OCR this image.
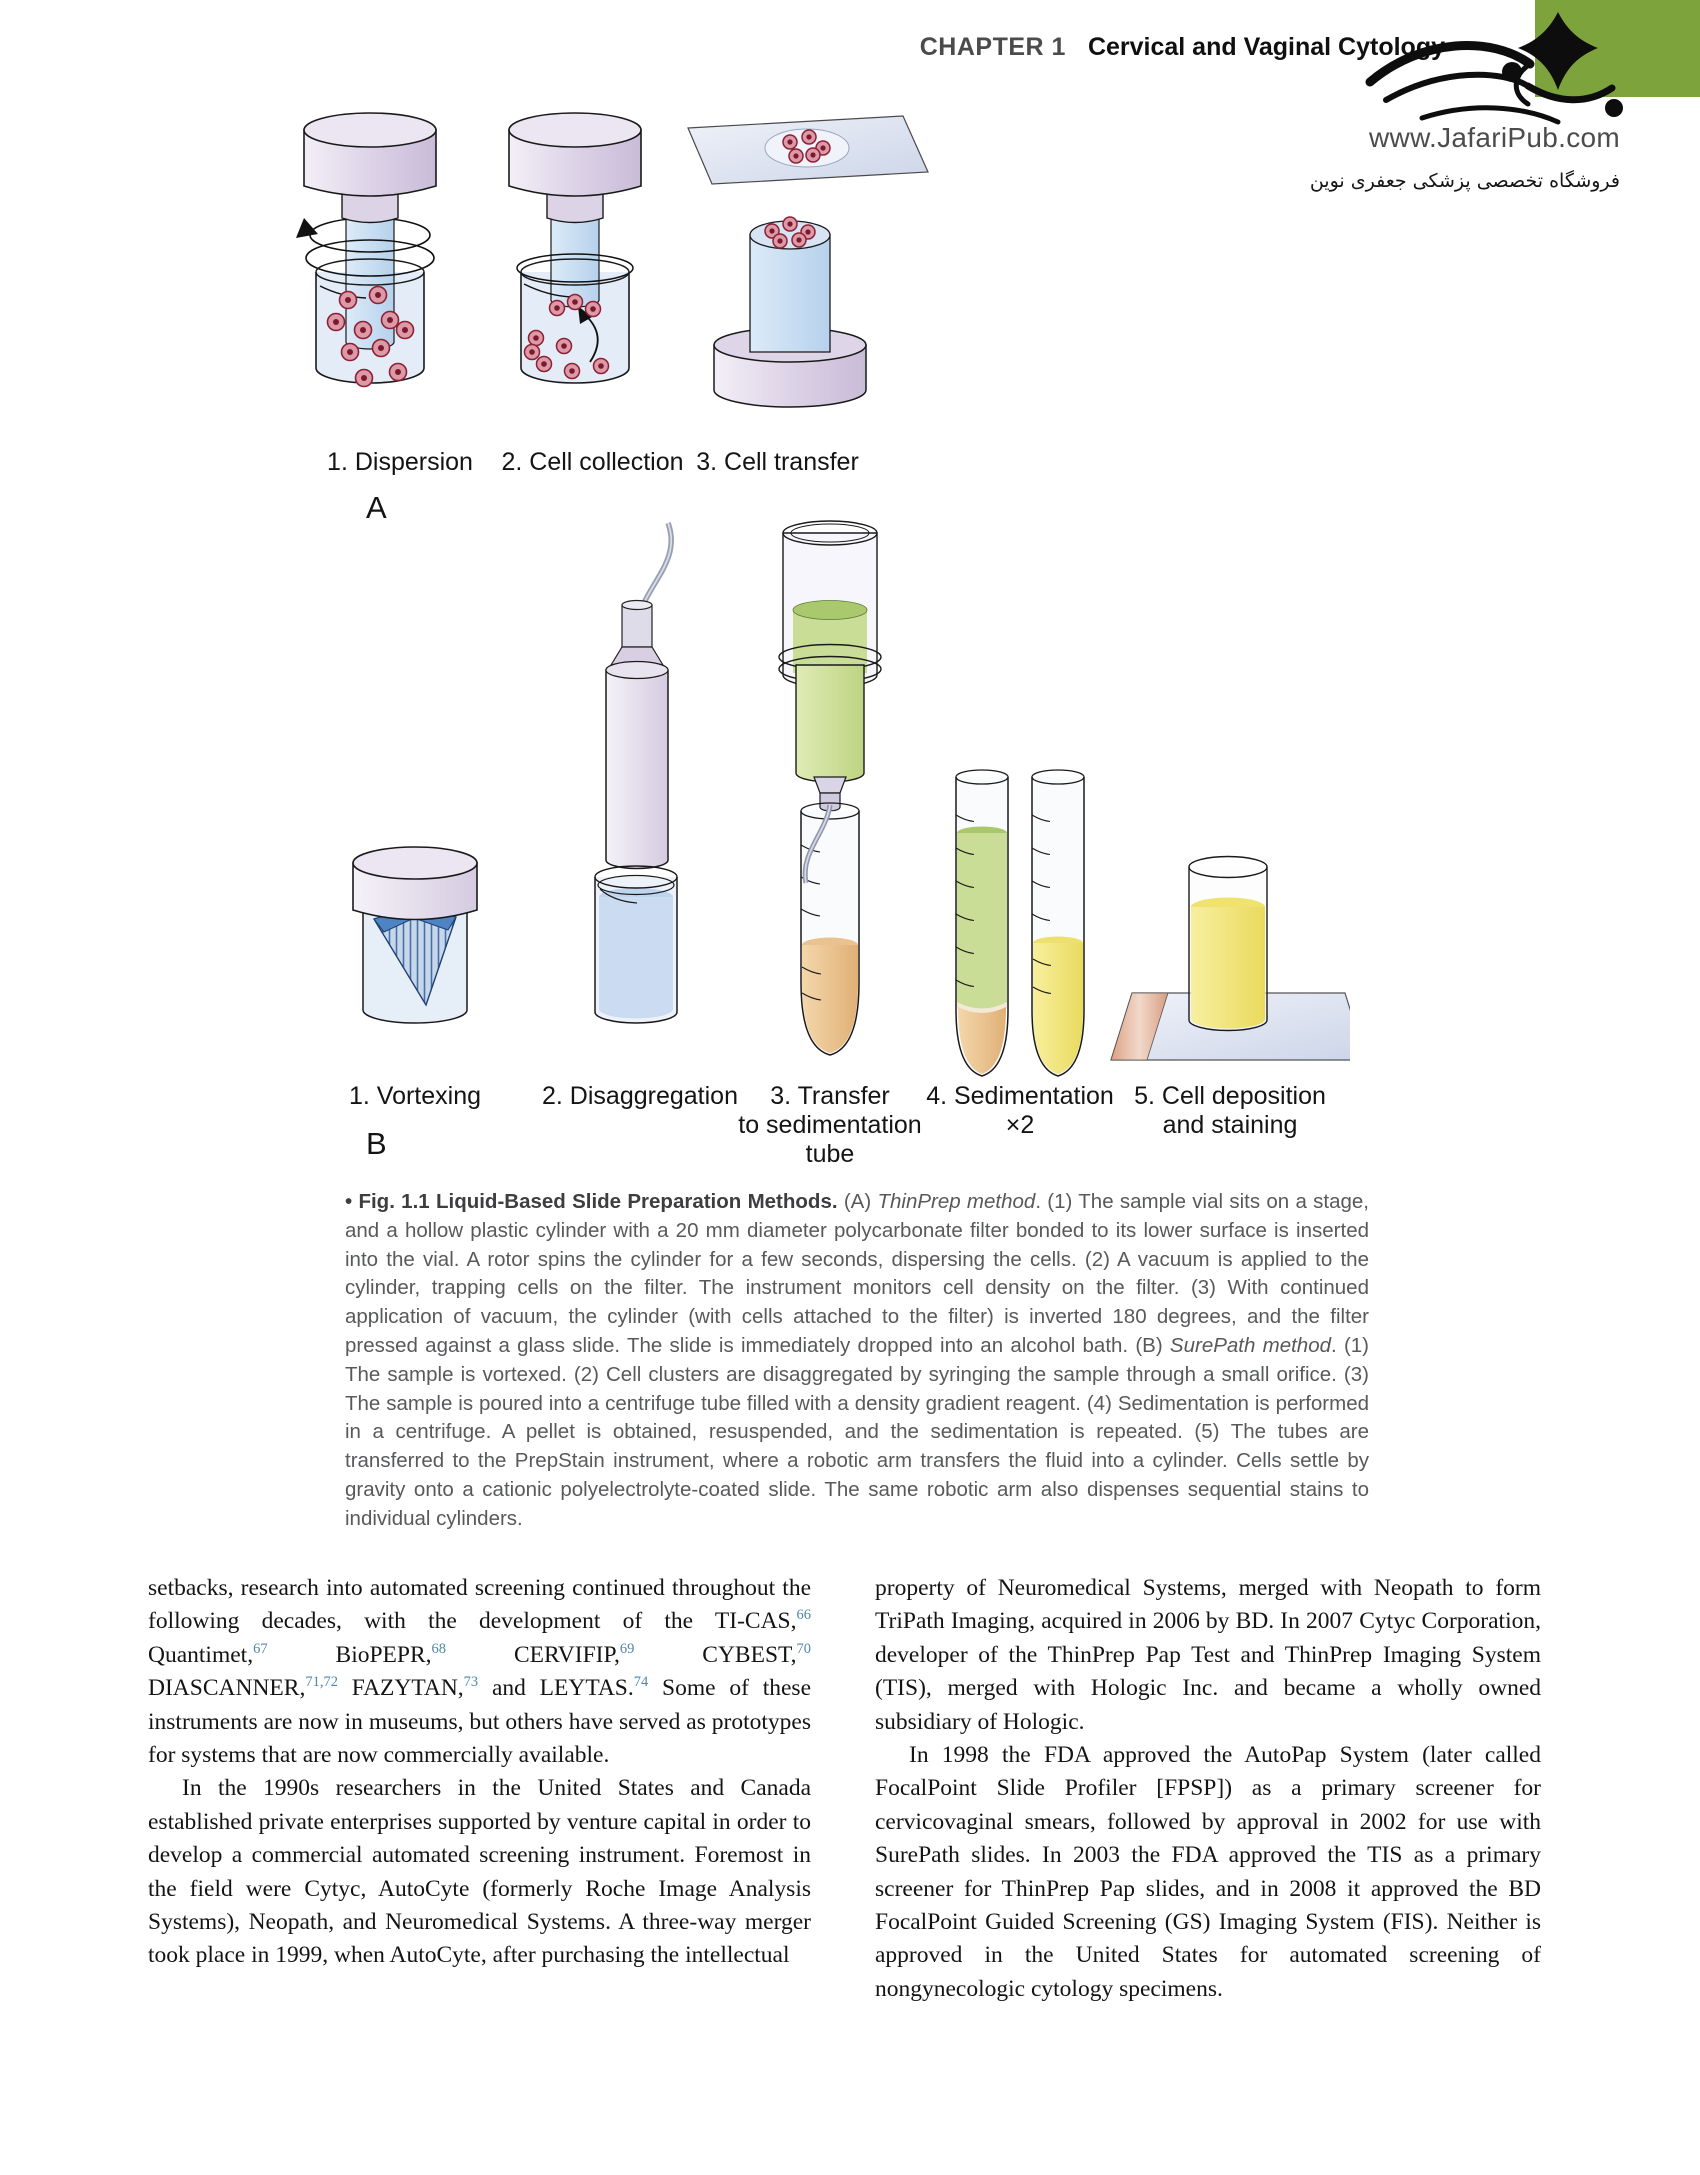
CHAPTER 1 Cervical and Vaginal Cytology
www.JafariPub.com
فروشگاه تخصصی پزشکی جعفری نوین
1. Dispersion	2. Cell collection 3. Cell transfer
A
1. Vortexing	2. Disaggregation	3. Transfer
to sedimentation
tube
4. Sedimentation
×2
5. Cell deposition
and staining
B
• Fig. 1.1 Liquid-Based Slide Preparation Methods. (A) ThinPrep method. (1) The sample vial sits on a stage, and a hollow plastic cylinder with a 20 mm diameter polycarbonate filter bonded to its lower surface is inserted into the vial. A rotor spins the cylinder for a few seconds, dispersing the cells. (2) A vacuum is applied to the cylinder, trapping cells on the filter. The instrument monitors cell density on the filter. (3) With continued application of vacuum, the cylinder (with cells attached to the filter) is inverted 180 degrees, and the filter pressed against a glass slide. The slide is immediately dropped into an alcohol bath. (B) SurePath method. (1) The sample is vortexed. (2) Cell clusters are disaggregated by syringing the sample through a small orifice. (3) The sample is poured into a centrifuge tube filled with a density gradient reagent. (4) Sedimentation is performed in a centrifuge. A pellet is obtained, resuspended, and the sedimentation is repeated. (5) The tubes are transferred to the PrepStain instrument, where a robotic arm transfers the fluid into a cylinder. Cells settle by gravity onto a cationic polyelectrolyte-coated slide. The same robotic arm also dispenses sequential stains to individual cylinders.

setbacks, research into automated screening continued throughout the following decades, with the development of the TI-CAS,$^{66}$ Quantimet,$^{67}$ BioPEPR,$^{68}$ CERVIFIP,$^{69}$ CYBEST,$^{70}$ DIASCANNER,$^{71,72}$ FAZYTAN,$^{73}$ and LEYTAS.$^{74}$ Some of these instruments are now in museums, but others have served as prototypes for systems that are now commercially available.

In the 1990s researchers in the United States and Canada established private enterprises supported by venture capital in order to develop a commercial automated screening instrument. Foremost in the field were Cytyc, AutoCyte (formerly Roche Image Analysis Systems), Neopath, and Neuromedical Systems. A three-way merger took place in 1999, when AutoCyte, after purchasing the intellectual

property of Neuromedical Systems, merged with Neopath to form TriPath Imaging, acquired in 2006 by BD. In 2007 Cytyc Corporation, developer of the ThinPrep Pap Test and ThinPrep Imaging System (TIS), merged with Hologic Inc. and became a wholly owned subsidiary of Hologic.

In 1998 the FDA approved the AutoPap System (later called FocalPoint Slide Profiler [FPSP]) as a primary screener for cervicovaginal smears, followed by approval in 2002 for use with SurePath slides. In 2003 the FDA approved the TIS as a primary screener for ThinPrep Pap slides, and in 2008 it approved the BD FocalPoint Guided Screening (GS) Imaging System (FIS). Neither is approved in the United States for automated screening of nongynecologic cytology specimens.
